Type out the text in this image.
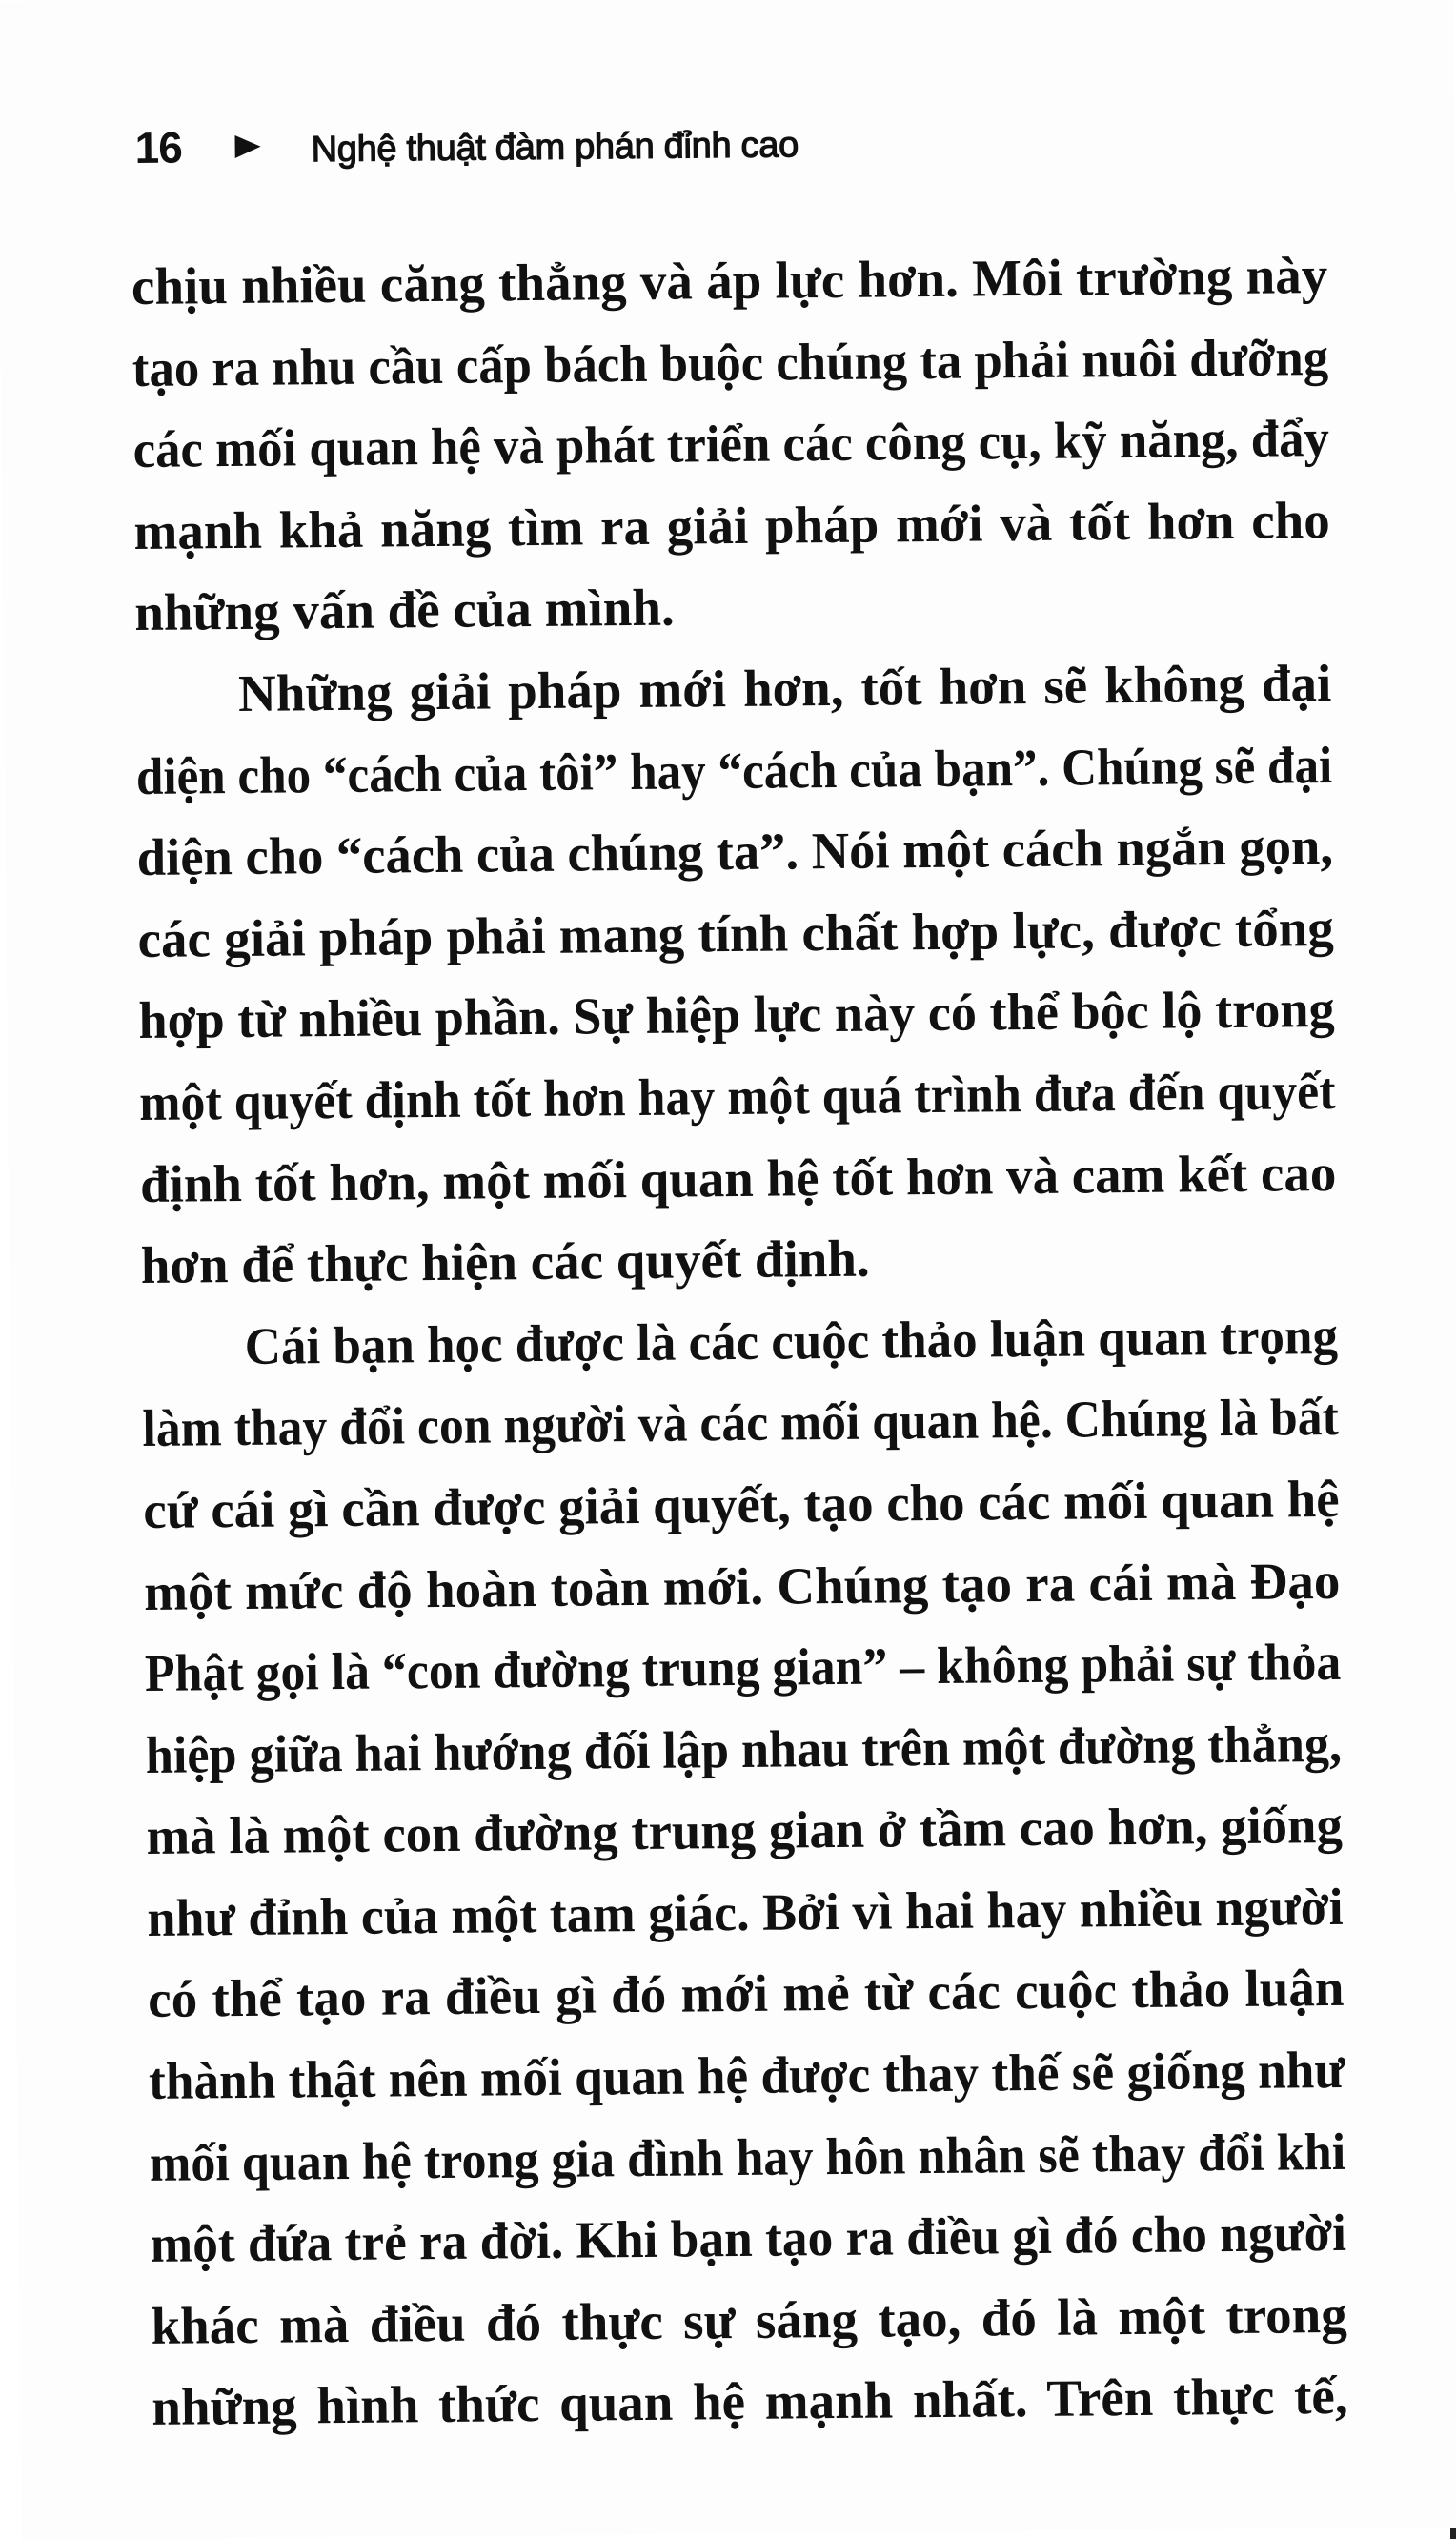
16	Nghệ thuật đàm phán đỉnh cao
chịu nhiều căng thẳng và áp lực hơn. Môi trường này
tạo ra nhu cầu cấp bách buộc chúng ta phải nuôi dưỡng
các mối quan hệ và phát triển các công cụ, kỹ năng, đẩy
mạnh khả năng tìm ra giải pháp mới và tốt hơn cho
những vấn đề của mình.
Những giải pháp mới hơn, tốt hơn sẽ không đại
diện cho “cách của tôi” hay “cách của bạn”. Chúng sẽ đại
diện cho “cách của chúng ta”. Nói một cách ngắn gọn,
các giải pháp phải mang tính chất hợp lực, được tổng
hợp từ nhiều phần. Sự hiệp lực này có thể bộc lộ trong
một quyết định tốt hơn hay một quá trình đưa đến quyết
định tốt hơn, một mối quan hệ tốt hơn và cam kết cao
hơn để thực hiện các quyết định.
Cái bạn học được là các cuộc thảo luận quan trọng
làm thay đổi con người và các mối quan hệ. Chúng là bất
cứ cái gì cần được giải quyết, tạo cho các mối quan hệ
một mức độ hoàn toàn mới. Chúng tạo ra cái mà Đạo
Phật gọi là “con đường trung gian” – không phải sự thỏa
hiệp giữa hai hướng đối lập nhau trên một đường thẳng,
mà là một con đường trung gian ở tầm cao hơn, giống
như đỉnh của một tam giác. Bởi vì hai hay nhiều người
có thể tạo ra điều gì đó mới mẻ từ các cuộc thảo luận
thành thật nên mối quan hệ được thay thế sẽ giống như
mối quan hệ trong gia đình hay hôn nhân sẽ thay đổi khi
một đứa trẻ ra đời. Khi bạn tạo ra điều gì đó cho người
khác mà điều đó thực sự sáng tạo, đó là một trong
những hình thức quan hệ mạnh nhất. Trên thực tế,
